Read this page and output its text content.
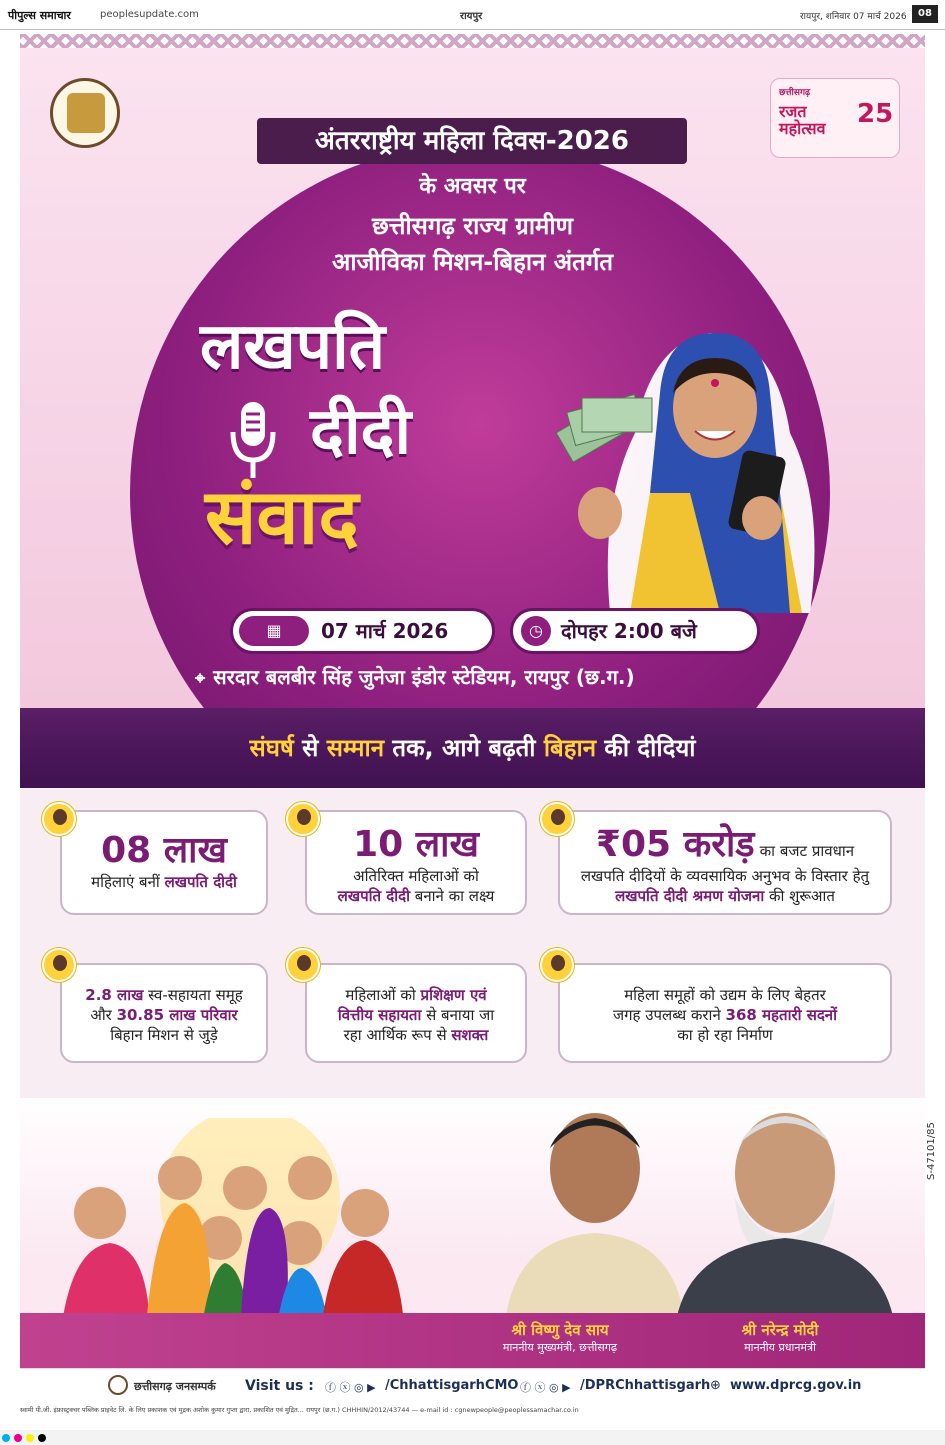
पीपुल्स समाचार	peoplesupdate.com	रायपुर	रायपुर, शनिवार 07 मार्च 2026	08
छत्तीसगढ़
रजत महोत्सव	25
अंतरराष्ट्रीय महिला दिवस-2026
के अवसर पर
छत्तीसगढ़ राज्य ग्रामीण
आजीविका मिशन-बिहान अंतर्गत
लखपति
दीदी
संवाद
▦	07 मार्च 2026	◷ दोपहर 2:00 बजे
⌖ सरदार बलबीर सिंह जुनेजा इंडोर स्टेडियम, रायपुर (छ.ग.)
संघर्ष से सम्मान तक, आगे बढ़ती बिहान की दीदियां
08 लाख
महिलाएं बनीं लखपति दीदी
10 लाख
अतिरिक्त महिलाओं को
लखपति दीदी बनाने का लक्ष्य
₹05 करोड़ का बजट प्रावधान
लखपति दीदियों के व्यवसायिक अनुभव के विस्तार हेतु
लखपति दीदी श्रमण योजना की शुरूआत
2.8 लाख स्व-सहायता समूह
और 30.85 लाख परिवार
बिहान मिशन से जुड़े
महिलाओं को प्रशिक्षण एवं
वित्तीय सहायता से बनाया जा
रहा आर्थिक रूप से सशक्त
महिला समूहों को उद्यम के लिए बेहतर
जगह उपलब्ध कराने 368 महतारी सदनों
का हो रहा निर्माण
श्री विष्णु देव साय
माननीय मुख्यमंत्री, छत्तीसगढ़
श्री नरेन्द्र मोदी
माननीय प्रधानमंत्री
S-47101/85
छत्तीसगढ़ जनसम्पर्क Visit us : ⓕ ⓧ ◎ ▶ /ChhattisgarhCMO ⓕ ⓧ ◎ ▶ /DPRChhattisgarh ⊕ www.dprcg.gov.in
स्वामी पी.जी. इंफ्रास्ट्रक्चर पब्लिक प्राइवेट लि. के लिए प्रकाशक एवं मुद्रक अशोक कुमार गुप्ता द्वारा, प्रकाशित एवं मुद्रित... रायपुर (छ.ग.) CHHHIN/2012/43744 — e-mail id : cgnewpeople@peoplessamachar.co.in
